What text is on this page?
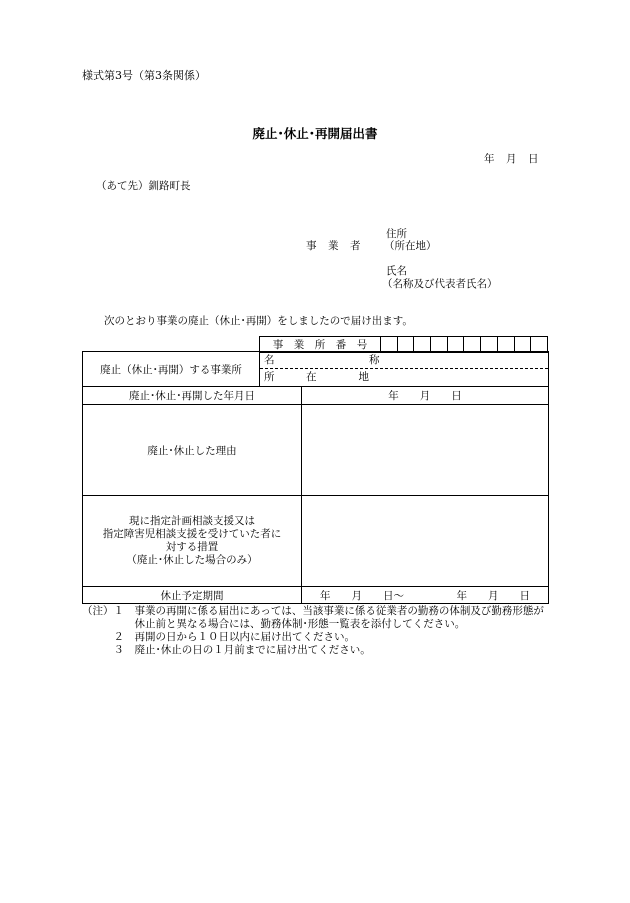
様式第3号（第3条関係）
廃止･休止･再開届出書
年　月　日
（あて先）釧路町長
住所
事　業　者 （所在地）
氏名
（名称及び代表者氏名）
次のとおり事業の廃止（休止･再開）をしましたので届け出ます。
事　業　所　番　号										
廃止（休止･再開）する事業所	名　　　　　　　　　称
所　　　在　　　　地	

廃止･休止･再開した年月日		年　　月　　日
廃止･休止した理由		

現に指定計画相談支援又は
指定障害児相談支援を受けていた者に
対する措置
（廃止･休止した場合のみ）		

休止予定期間		年　　月　　日〜　　　　　年　　月　　日
（注）１　事業の再開に係る届出にあっては、当該事業に係る従業者の勤務の体制及び勤務形態が
　　　　　休止前と異なる場合には、勤務体制･形態一覧表を添付してください。
　　　２　再開の日から１０日以内に届け出てください。
　　　３　廃止･休止の日の１月前までに届け出てください。
